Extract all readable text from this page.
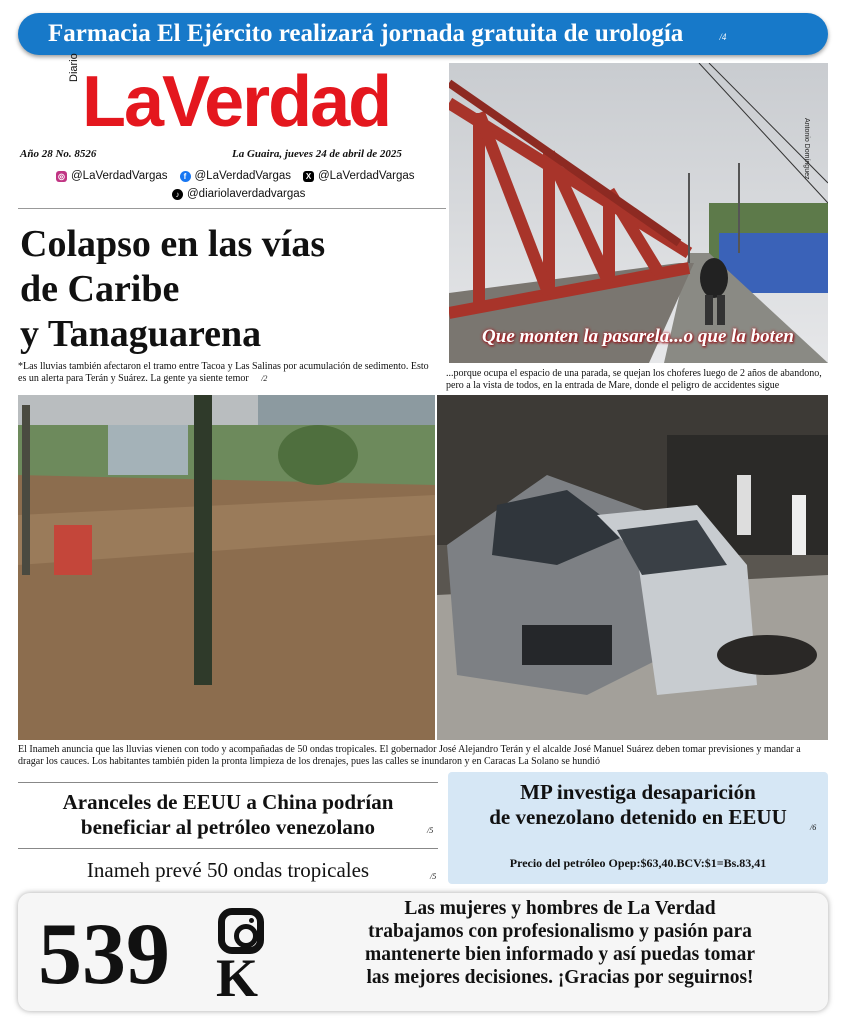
Farmacia El Ejército realizará jornada gratuita de urología	/4
Diario LaVerdad
Año 28 No. 8526	La Guaira, jueves 24 de abril de 2025
◎ @LaVerdadVargas	f @LaVerdadVargas	X @LaVerdadVargas
♪ @diariolaverdadvargas
Colapso en las vías
de Caribe
y Tanaguarena
*Las lluvias también afectaron el tramo entre Tacoa y Las Salinas por acumulación de sedimento. Esto es un alerta para Terán y Suárez. La gente ya siente temor /2
Antonio Domínguez
Que monten la pasarela...o que la boten
...porque ocupa el espacio de una parada, se quejan los choferes luego de 2 años de abandono, pero a la vista de todos, en la entrada de Mare, donde el peligro de accidentes sigue
El Inameh anuncia que las lluvias vienen con todo y acompañadas de 50 ondas tropicales. El gobernador José Alejandro Terán y el alcalde José Manuel Suárez deben tomar previsiones y mandar a dragar los cauces. Los habitantes también piden la pronta limpieza de los drenajes, pues las calles se inundaron y en Caracas La Solano se hundió
Aranceles de EEUU a China podrían
beneficiar al petróleo venezolano	/5
Inameh prevé 50 ondas tropicales	/5
MP investiga desaparición
de venezolano detenido en EEUU	/6
Precio del petróleo Opep:$63,40.BCV:$1=Bs.83,41
539 K
Las mujeres y hombres de La Verdad
trabajamos con profesionalismo y pasión para
mantenerte bien informado y así puedas tomar
las mejores decisiones. ¡Gracias por seguirnos!
